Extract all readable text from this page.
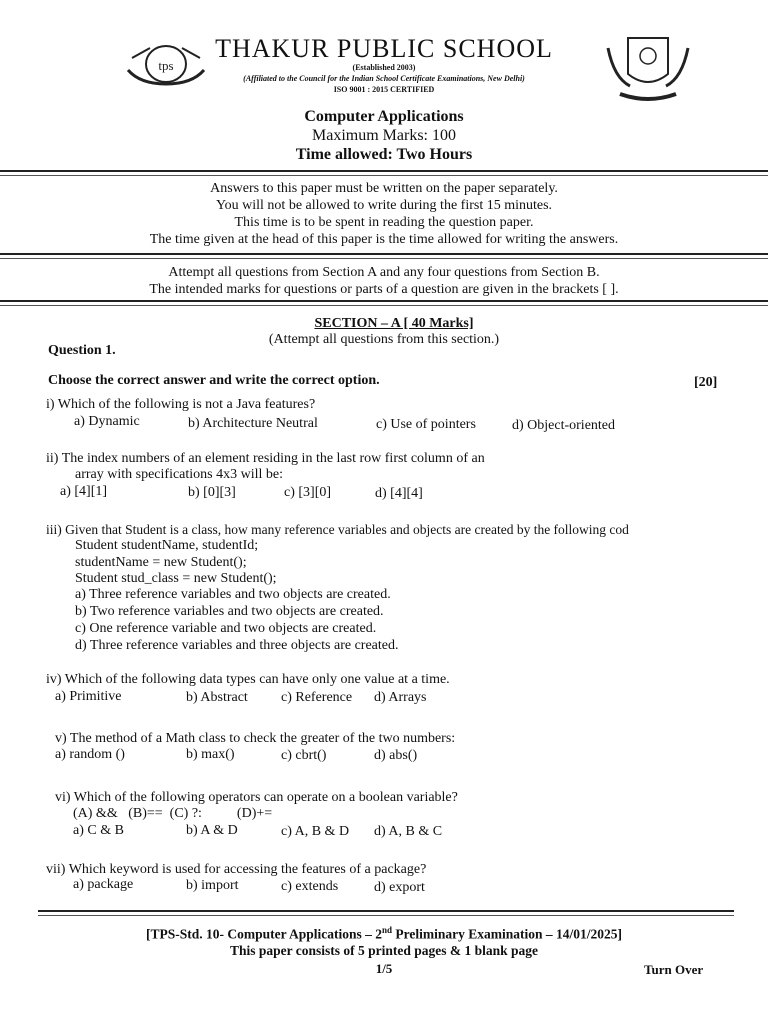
tps
THAKUR PUBLIC SCHOOL
(Established 2003)
(Affiliated to the Council for the Indian School Certificate Examinations, New Delhi)
ISO 9001 : 2015 CERTIFIED
Computer Applications
Maximum Marks: 100
Time allowed: Two Hours
Answers to this paper must be written on the paper separately.
You will not be allowed to write during the first 15 minutes.
This time is to be spent in reading the question paper.
The time given at the head of this paper is the time allowed for writing the answers.
Attempt all questions from Section A and any four questions from Section B.
The intended marks for questions or parts of a question are given in the brackets [ ].
SECTION – A [ 40 Marks]
(Attempt all questions from this section.)
Question 1.
Choose the correct answer and write the correct option.	[20]
i) Which of the following is not a Java features?
a) Dynamic	b) Architecture Neutral	c) Use of pointers	d) Object-oriented
ii) The index numbers of an element residing in the last row first column of an
array with specifications 4x3 will be:
a) [4][1]	b) [0][3]	c) [3][0]	d) [4][4]
iii) Given that Student is a class, how many reference variables and objects are created by the following cod
Student studentName, studentId;
studentName = new Student();
Student stud_class = new Student();
a) Three reference variables and two objects are created.
b) Two reference variables and two objects are created.
c) One reference variable and two objects are created.
d) Three reference variables and three objects are created.
iv) Which of the following data types can have only one value at a time.
a) Primitive	b) Abstract c) Reference d) Arrays
v) The method of a Math class to check the greater of the two numbers:
a) random ()	b) max()	c) cbrt()	d) abs()
vi) Which of the following operators can operate on a boolean variable?
(A) &&   (B)==  (C) ?:          (D)+=
a) C & B	b) A & D	c) A, B & D d) A, B & C
vii) Which keyword is used for accessing the features of a package?
a) package	b) import	c) extends	d) export
[TPS-Std. 10- Computer Applications – 2nd Preliminary Examination – 14/01/2025]
This paper consists of 5 printed pages & 1 blank page
1/5	Turn Over
